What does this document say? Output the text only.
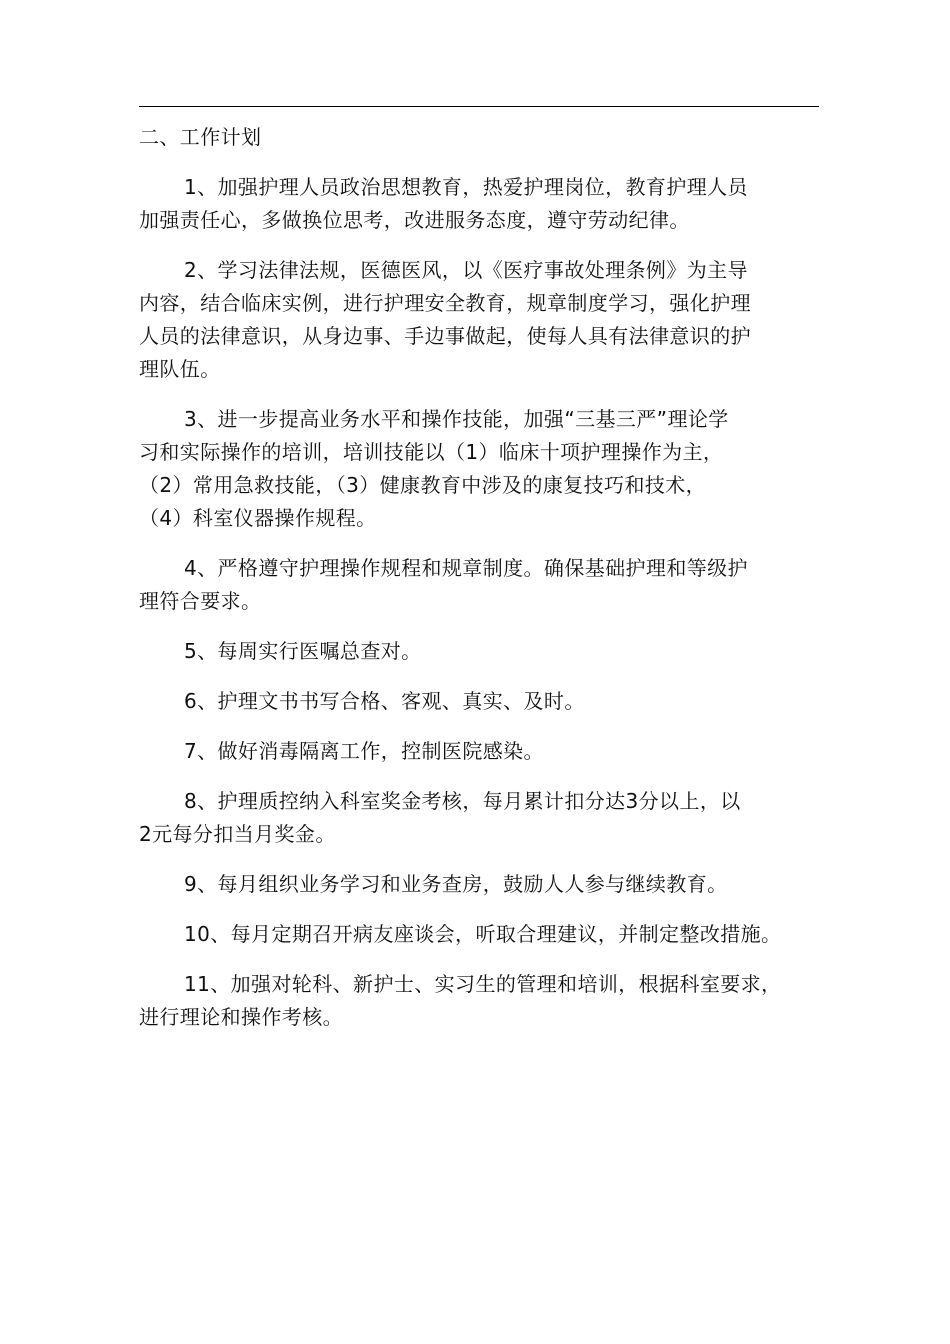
二、工作计划
1、加强护理人员政治思想教育，热爱护理岗位，教育护理人员
加强责任心，多做换位思考，改进服务态度，遵守劳动纪律。
2、学习法律法规，医德医风，以《医疗事故处理条例》为主导
内容，结合临床实例，进行护理安全教育，规章制度学习，强化护理
人员的法律意识，从身边事、手边事做起，使每人具有法律意识的护
理队伍。
3、进一步提高业务水平和操作技能，加强“三基三严”理论学
习和实际操作的培训，培训技能以（1）临床十项护理操作为主，
（2）常用急救技能，（3）健康教育中涉及的康复技巧和技术，
（4）科室仪器操作规程。
4、严格遵守护理操作规程和规章制度。确保基础护理和等级护
理符合要求。
5、每周实行医嘱总查对。
6、护理文书书写合格、客观、真实、及时。
7、做好消毒隔离工作，控制医院感染。
8、护理质控纳入科室奖金考核，每月累计扣分达3分以上，以
2元每分扣当月奖金。
9、每月组织业务学习和业务查房，鼓励人人参与继续教育。
10、每月定期召开病友座谈会，听取合理建议，并制定整改措施。
11、加强对轮科、新护士、实习生的管理和培训，根据科室要求，
进行理论和操作考核。
